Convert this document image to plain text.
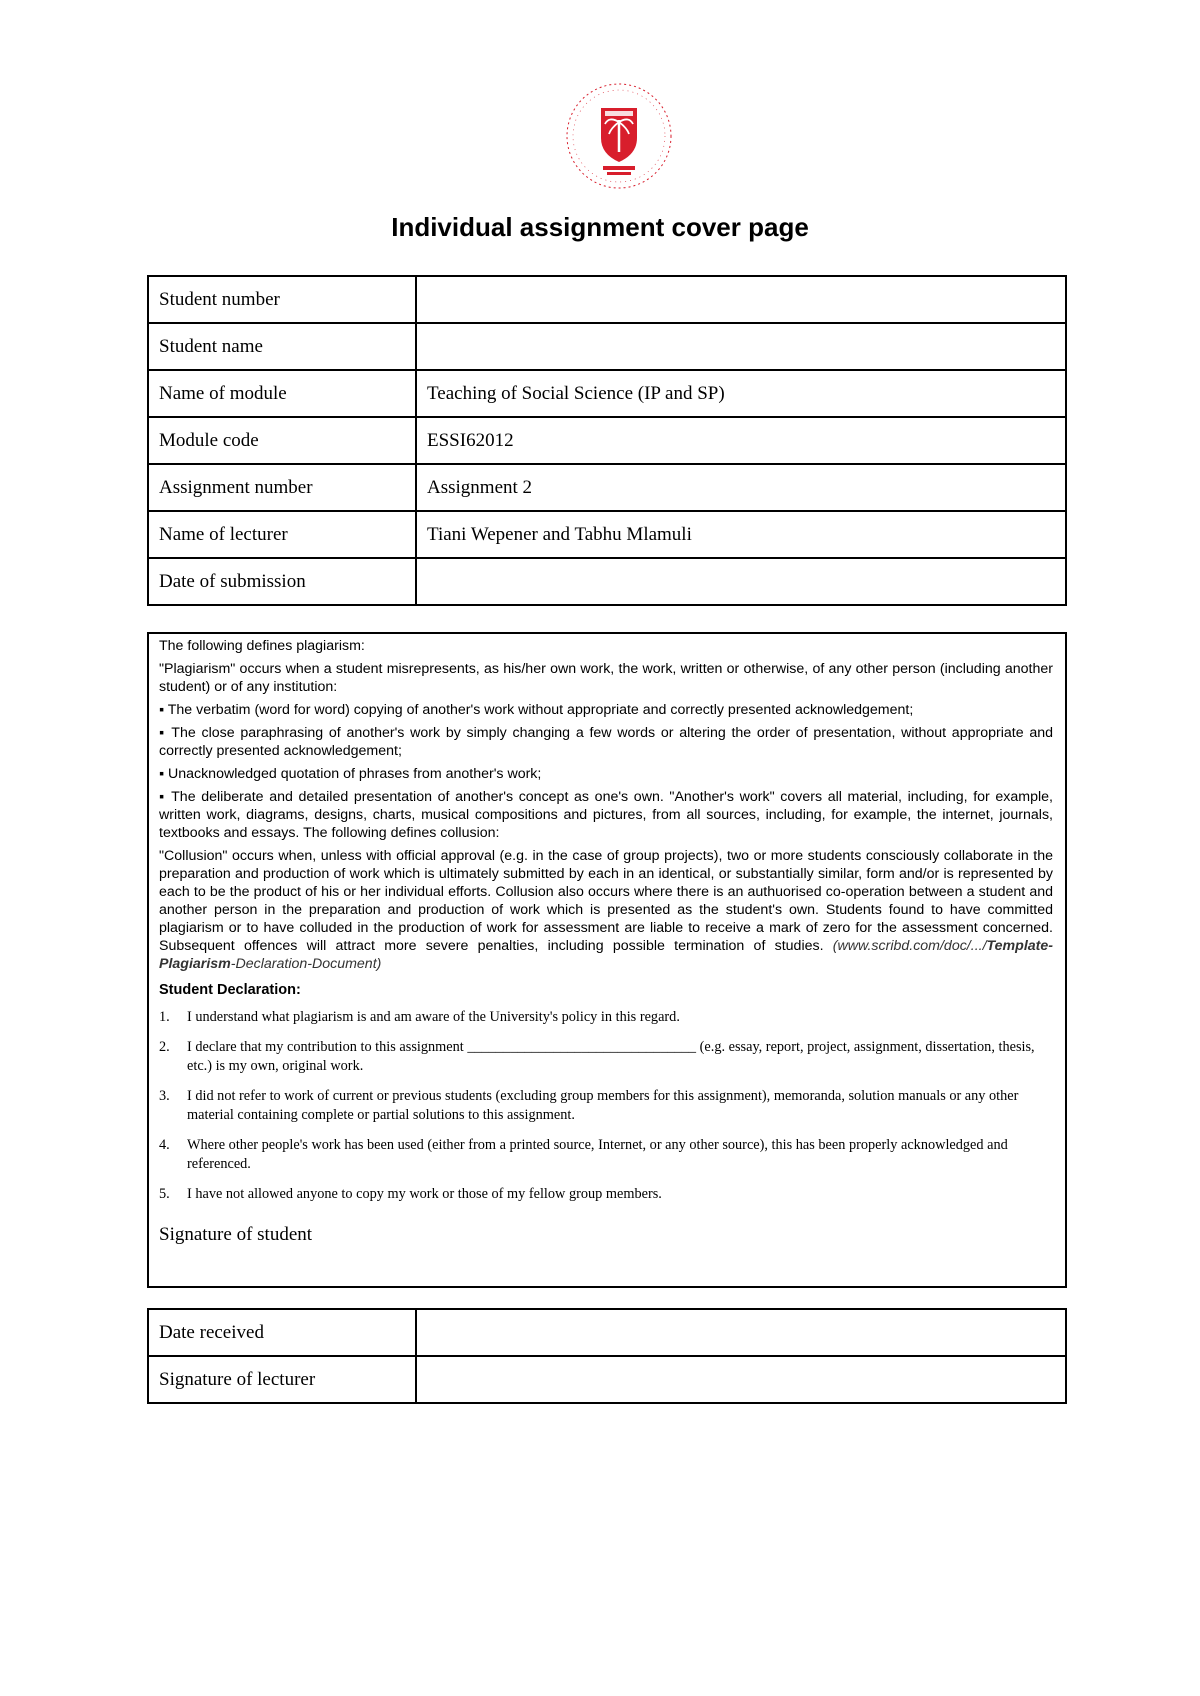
Individual assignment cover page
Student number	
Student name	
Name of module	Teaching of Social Science (IP and SP)
Module code	ESSI62012
Assignment number	Assignment 2
Name of lecturer	Tiani Wepener and Tabhu Mlamuli
Date of submission	

The following defines plagiarism:

"Plagiarism" occurs when a student misrepresents, as his/her own work, the work, written or otherwise, of any other person (including another student) or of any institution:

▪ The verbatim (word for word) copying of another's work without appropriate and correctly presented acknowledgement;

▪ The close paraphrasing of another's work by simply changing a few words or altering the order of presentation, without appropriate and correctly presented acknowledgement;

▪ Unacknowledged quotation of phrases from another's work;

▪ The deliberate and detailed presentation of another's concept as one's own. "Another's work" covers all material, including, for example, written work, diagrams, designs, charts, musical compositions and pictures, from all sources, including, for example, the internet, journals, textbooks and essays. The following defines collusion:

"Collusion" occurs when, unless with official approval (e.g. in the case of group projects), two or more students consciously collaborate in the preparation and production of work which is ultimately submitted by each in an identical, or substantially similar, form and/or is represented by each to be the product of his or her individual efforts. Collusion also occurs where there is an authuorised co-operation between a student and another person in the preparation and production of work which is presented as the student's own. Students found to have committed plagiarism or to have colluded in the production of work for assessment are liable to receive a mark of zero for the assessment concerned. Subsequent offences will attract more severe penalties, including possible termination of studies. (www.scribd.com/doc/.../Template-Plagiarism-Declaration-Document)

Student Declaration:
1. I understand what plagiarism is and am aware of the University's policy in this regard.
2. I declare that my contribution to this assignment ________________________________ (e.g. essay, report, project, assignment, dissertation, thesis, etc.) is my own, original work.
3. I did not refer to work of current or previous students (excluding group members for this assignment), memoranda, solution manuals or any other material containing complete or partial solutions to this assignment.
4. Where other people's work has been used (either from a printed source, Internet, or any other source), this has been properly acknowledged and referenced.
5. I have not allowed anyone to copy my work or those of my fellow group members.
Signature of student
Date received	
Signature of lecturer	
